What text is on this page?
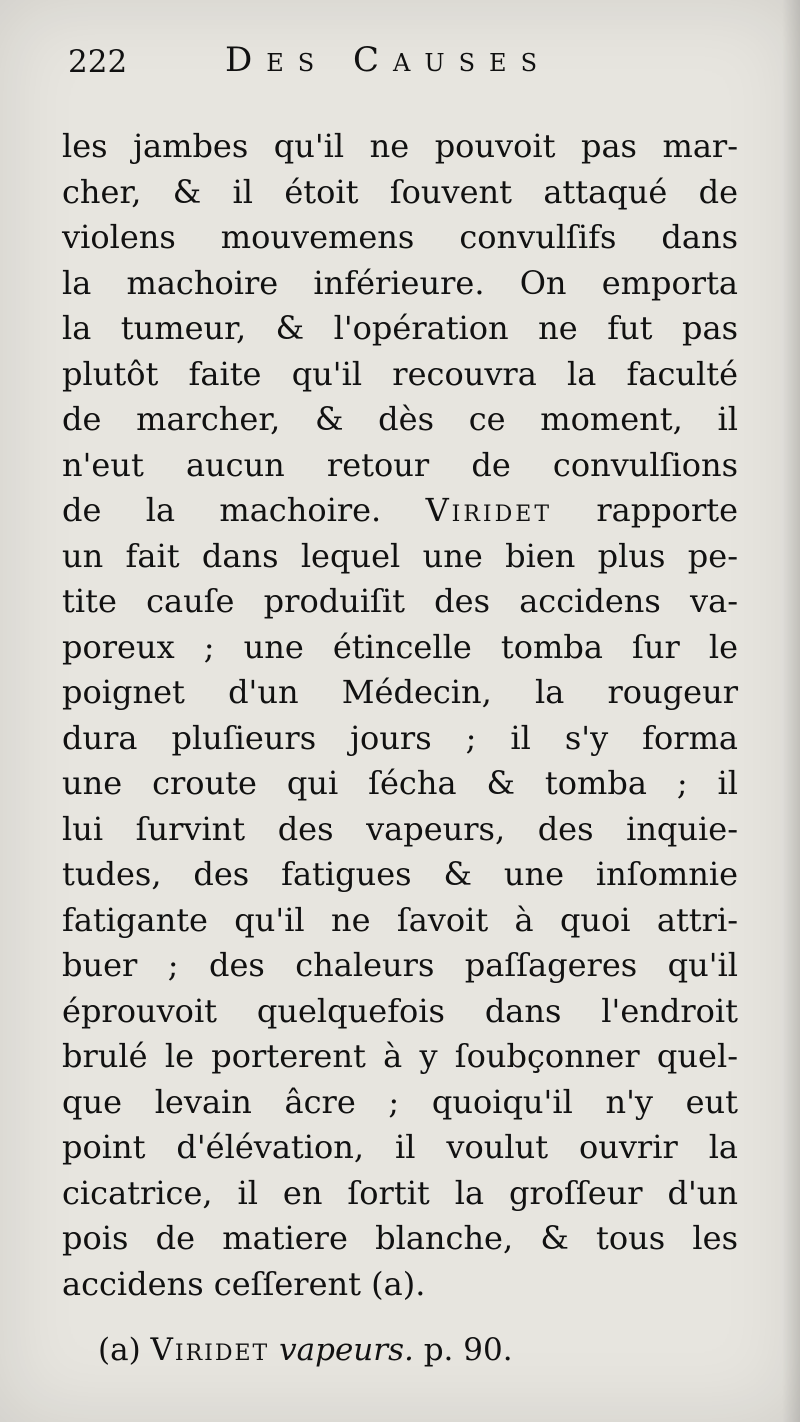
222	Des Causes
les jambes qu'il ne pouvoit pas mar-
cher, & il étoit ſouvent attaqué de
violens mouvemens convulſifs dans
la machoire inférieure. On emporta
la tumeur, & l'opération ne fut pas
plutôt faite qu'il recouvra la faculté
de marcher, & dès ce moment, il
n'eut aucun retour de convulſions
de la machoire. Viridet rapporte
un fait dans lequel une bien plus pe-
tite cauſe produiſit des accidens va-
poreux ; une étincelle tomba ſur le
poignet d'un Médecin, la rougeur
dura pluſieurs jours ; il s'y forma
une croute qui ſécha & tomba ; il
lui ſurvint des vapeurs, des inquie-
tudes, des fatigues & une inſomnie
fatigante qu'il ne ſavoit à quoi attri-
buer ; des chaleurs paſſageres qu'il
éprouvoit quelquefois dans l'endroit
brulé le porterent à y ſoubçonner quel-
que levain âcre ; quoiqu'il n'y eut
point d'élévation, il voulut ouvrir la
cicatrice, il en ſortit la groſſeur d'un
pois de matiere blanche, & tous les
accidens ceſſerent (a).
(a) Viridet vapeurs. p. 90.
